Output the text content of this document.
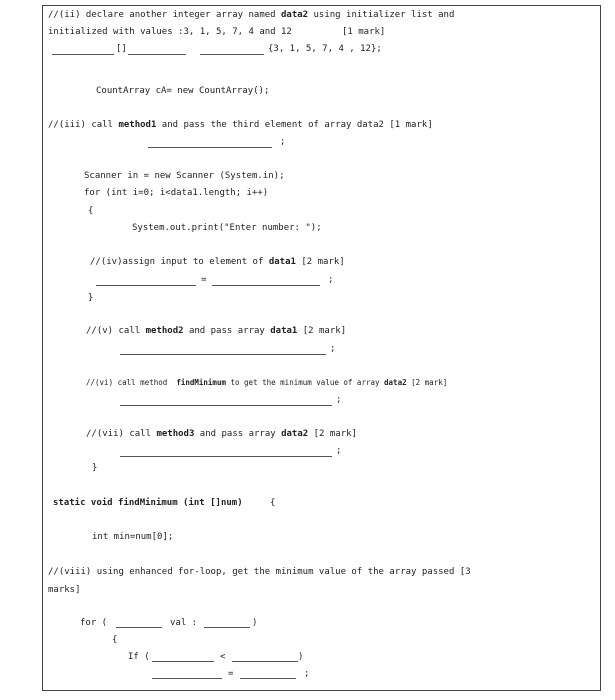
//(ii) declare another integer array named data2 using initializer list and
initialized with values :3, 1, 5, 7, 4 and 12	[1 mark]
[]	{3, 1, 5, 7, 4 , 12};
CountArray cA= new CountArray();
//(iii) call method1 and pass the third element of array data2 [1 mark]
;
Scanner in = new Scanner (System.in);
for (int i=0; i<data1.length; i++)
{
System.out.print("Enter number: ");
//(iv)assign input to element of data1 [2 mark]
=	;
}
//(v) call method2 and pass array data1 [2 mark]
;
//(vi) call method  findMinimum to get the minimum value of array data2 [2 mark]
;
//(vii) call method3 and pass array data2 [2 mark]
;
}
static void findMinimum (int []num)	{
int min=num[0];
//(viii) using enhanced for-loop, get the minimum value of the array passed [3
marks]
for (	val :	)
{
If (	<	)
=	;
